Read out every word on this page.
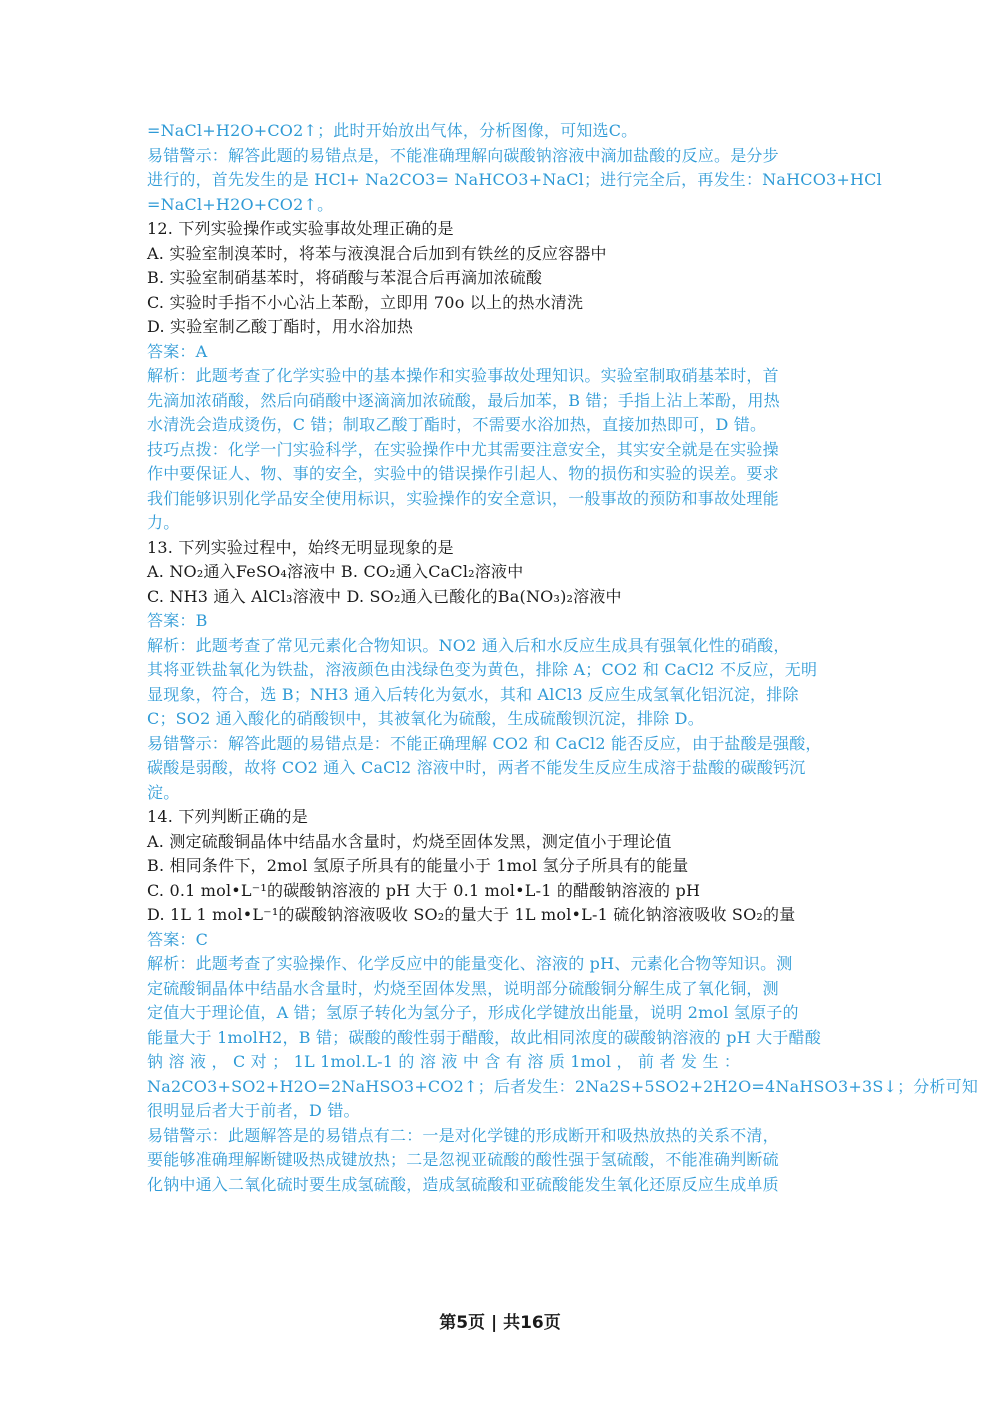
=NaCl+H2O+CO2↑；此时开始放出气体，分析图像，可知选C。
易错警示：解答此题的易错点是，不能准确理解向碳酸钠溶液中滴加盐酸的反应。是分步
进行的，首先发生的是 HCl+ Na2CO3= NaHCO3+NaCl；进行完全后，再发生：NaHCO3+HCl
=NaCl+H2O+CO2↑。
12. 下列实验操作或实验事故处理正确的是
A. 实验室制溴苯时，将苯与液溴混合后加到有铁丝的反应容器中
B. 实验室制硝基苯时，将硝酸与苯混合后再滴加浓硫酸
C. 实验时手指不小心沾上苯酚，立即用 70o 以上的热水清洗
D. 实验室制乙酸丁酯时，用水浴加热
答案：A
解析：此题考查了化学实验中的基本操作和实验事故处理知识。实验室制取硝基苯时，首
先滴加浓硝酸，然后向硝酸中逐滴滴加浓硫酸，最后加苯，B 错；手指上沾上苯酚，用热
水清洗会造成烫伤，C 错；制取乙酸丁酯时，不需要水浴加热，直接加热即可，D 错。
技巧点拨：化学一门实验科学，在实验操作中尤其需要注意安全，其实安全就是在实验操
作中要保证人、物、事的安全，实验中的错误操作引起人、物的损伤和实验的误差。要求
我们能够识别化学品安全使用标识，实验操作的安全意识，一般事故的预防和事故处理能
力。
13. 下列实验过程中，始终无明显现象的是
A. NO₂通入FeSO₄溶液中 B. CO₂通入CaCl₂溶液中
C. NH3 通入 AlCl₃溶液中 D. SO₂通入已酸化的Ba(NO₃)₂溶液中
答案：B
解析：此题考查了常见元素化合物知识。NO2 通入后和水反应生成具有强氧化性的硝酸，
其将亚铁盐氧化为铁盐，溶液颜色由浅绿色变为黄色，排除 A；CO2 和 CaCl2 不反应，无明
显现象，符合，选 B；NH3 通入后转化为氨水，其和 AlCl3 反应生成氢氧化铝沉淀，排除
C；SO2 通入酸化的硝酸钡中，其被氧化为硫酸，生成硫酸钡沉淀，排除 D。
易错警示：解答此题的易错点是：不能正确理解 CO2 和 CaCl2 能否反应，由于盐酸是强酸，
碳酸是弱酸，故将 CO2 通入 CaCl2 溶液中时，两者不能发生反应生成溶于盐酸的碳酸钙沉
淀。
14. 下列判断正确的是
A. 测定硫酸铜晶体中结晶水含量时，灼烧至固体发黑，测定值小于理论值
B. 相同条件下，2mol 氢原子所具有的能量小于 1mol 氢分子所具有的能量
C. 0.1 mol•L⁻¹的碳酸钠溶液的 pH 大于 0.1 mol•L-1 的醋酸钠溶液的 pH
D. 1L 1 mol•L⁻¹的碳酸钠溶液吸收 SO₂的量大于 1L mol•L-1 硫化钠溶液吸收 SO₂的量
答案：C
解析：此题考查了实验操作、化学反应中的能量变化、溶液的 pH、元素化合物等知识。测
定硫酸铜晶体中结晶水含量时，灼烧至固体发黑，说明部分硫酸铜分解生成了氧化铜，测
定值大于理论值，A 错；氢原子转化为氢分子，形成化学键放出能量，说明 2mol 氢原子的
能量大于 1molH2，B 错；碳酸的酸性弱于醋酸，故此相同浓度的碳酸钠溶液的 pH 大于醋酸
钠 溶 液 ， C 对 ； 1L 1mol.L-1 的 溶 液 中 含 有 溶 质 1mol ， 前 者 发 生 ：
Na2CO3+SO2+H2O=2NaHSO3+CO2↑；后者发生：2Na2S+5SO2+2H2O=4NaHSO3+3S↓；分析可知
很明显后者大于前者，D 错。
易错警示：此题解答是的易错点有二：一是对化学键的形成断开和吸热放热的关系不清，
要能够准确理解断键吸热成键放热；二是忽视亚硫酸的酸性强于氢硫酸，不能准确判断硫
化钠中通入二氧化硫时要生成氢硫酸，造成氢硫酸和亚硫酸能发生氧化还原反应生成单质
第5页 | 共16页
